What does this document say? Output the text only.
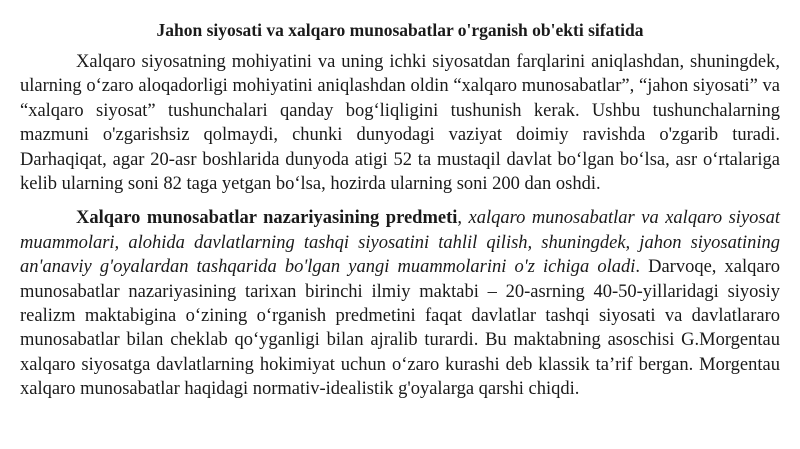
Jahon siyosati va xalqaro munosabatlar o'rganish ob'ekti sifatida

Xalqaro siyosatning mohiyatini va uning ichki siyosatdan farqlarini aniqlashdan, shuningdek, ularning o‘zaro aloqadorligi mohiyatini aniqlashdan oldin “xalqaro munosabatlar”, “jahon siyosati” va “xalqaro siyosat” tushunchalari qanday bog‘liqligini tushunish kerak. Ushbu tushunchalarning mazmuni o'zgarishsiz qolmaydi, chunki dunyodagi vaziyat doimiy ravishda o'zgarib turadi. Darhaqiqat, agar 20-asr boshlarida dunyoda atigi 52 ta mustaqil davlat bo‘lgan bo‘lsa, asr o‘rtalariga kelib ularning soni 82 taga yetgan bo‘lsa, hozirda ularning soni 200 dan oshdi.

Xalqaro munosabatlar nazariyasining predmeti, xalqaro munosabatlar va xalqaro siyosat muammolari, alohida davlatlarning tashqi siyosatini tahlil qilish, shuningdek, jahon siyosatining an'anaviy g'oyalardan tashqarida bo'lgan yangi muammolarini o'z ichiga oladi. Darvoqe, xalqaro munosabatlar nazariyasining tarixan birinchi ilmiy maktabi – 20-asrning 40-50-yillaridagi siyosiy realizm maktabigina o‘zining o‘rganish predmetini faqat davlatlar tashqi siyosati va davlatlararo munosabatlar bilan cheklab qo‘yganligi bilan ajralib turardi. Bu maktabning asoschisi G.Morgentau xalqaro siyosatga davlatlarning hokimiyat uchun o‘zaro kurashi deb klassik ta’rif bergan. Morgentau xalqaro munosabatlar haqidagi normativ-idealistik g'oyalarga qarshi chiqdi.
